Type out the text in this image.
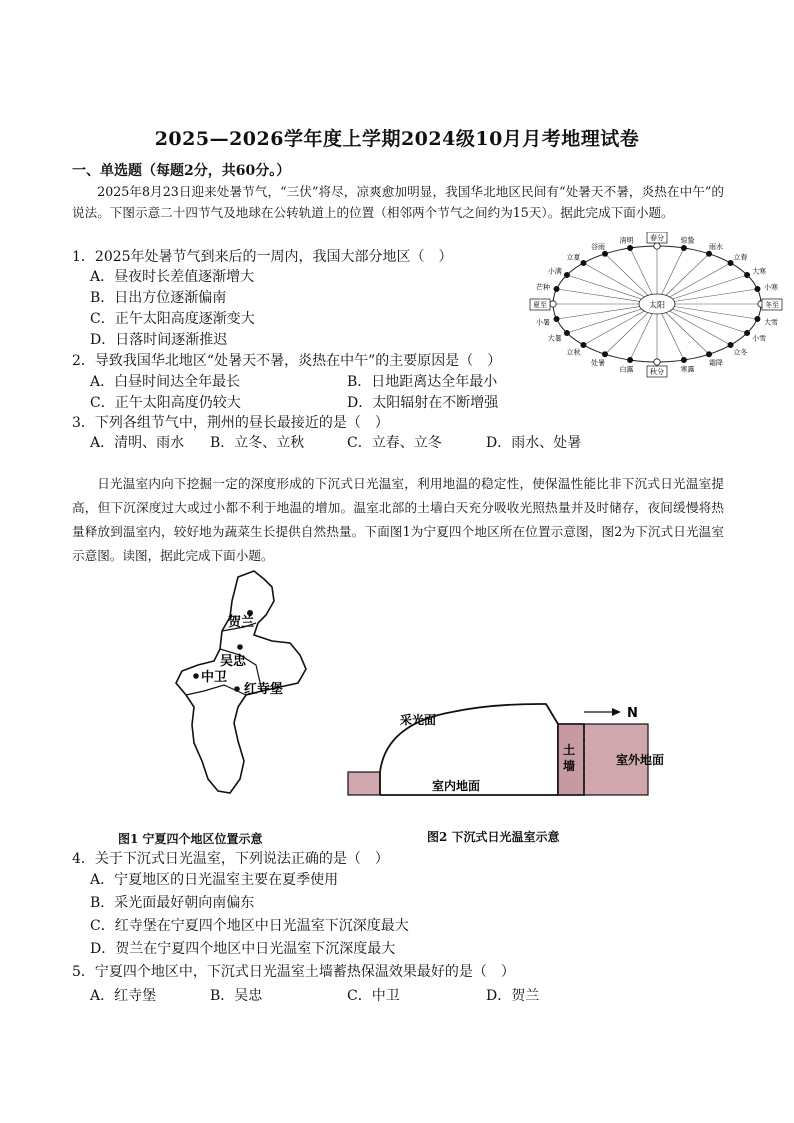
2025—2026学年度上学期2024级10月月考地理试卷
一、单选题（每题2分，共60分。）
2025年8月23日迎来处暑节气，“三伏”将尽，凉爽愈加明显，我国华北地区民间有“处暑天不暑，炎热在中午”的说法。下图示意二十四节气及地球在公转轨道上的位置（相邻两个节气之间约为15天）。据此完成下面小题。
1．2025年处暑节气到来后的一周内，我国大部分地区（　）
A．昼夜时长差值逐渐增大
B．日出方位逐渐偏南
C．正午太阳高度逐渐变大
D．日落时间逐渐推迟
2．导致我国华北地区“处暑天不暑，炎热在中午”的主要原因是（　）
A．白昼时间达全年最长	B．日地距离达全年最小
C．正午太阳高度仍较大	D．太阳辐射在不断增强
3．下列各组节气中，荆州的昼长最接近的是（　）
A．清明、雨水 B．立冬、立秋	C．立春、立冬	D．雨水、处暑
太阳
春分 惊蛰
雨水
立春
大寒
小寒
冬至
大雪
小雪
立冬
霜降
寒露
秋分
白露
处暑
立秋
大暑
小暑
夏至
芒种
小满
立夏
谷雨
清明
日光温室内向下挖掘一定的深度形成的下沉式日光温室，利用地温的稳定性，使保温性能比非下沉式日光温室提高，但下沉深度过大或过小都不利于地温的增加。温室北部的土墙白天充分吸收光照热量并及时储存，夜间缓慢将热量释放到温室内，较好地为蔬菜生长提供自然热量。下面图1为宁夏四个地区所在位置示意图，图2为下沉式日光温室示意图。读图，据此完成下面小题。
贺兰
吴忠
中卫
红寺堡
采光面	N
土
墙
室内地面
室外地面
图1 宁夏四个地区位置示意	图2 下沉式日光温室示意
4．关于下沉式日光温室，下列说法正确的是（　）
A．宁夏地区的日光温室主要在夏季使用
B．采光面最好朝向南偏东
C．红寺堡在宁夏四个地区中日光温室下沉深度最大
D．贺兰在宁夏四个地区中日光温室下沉深度最大
5．宁夏四个地区中，下沉式日光温室土墙蓄热保温效果最好的是（　）
A．红寺堡	B．吴忠	C．中卫	D．贺兰
